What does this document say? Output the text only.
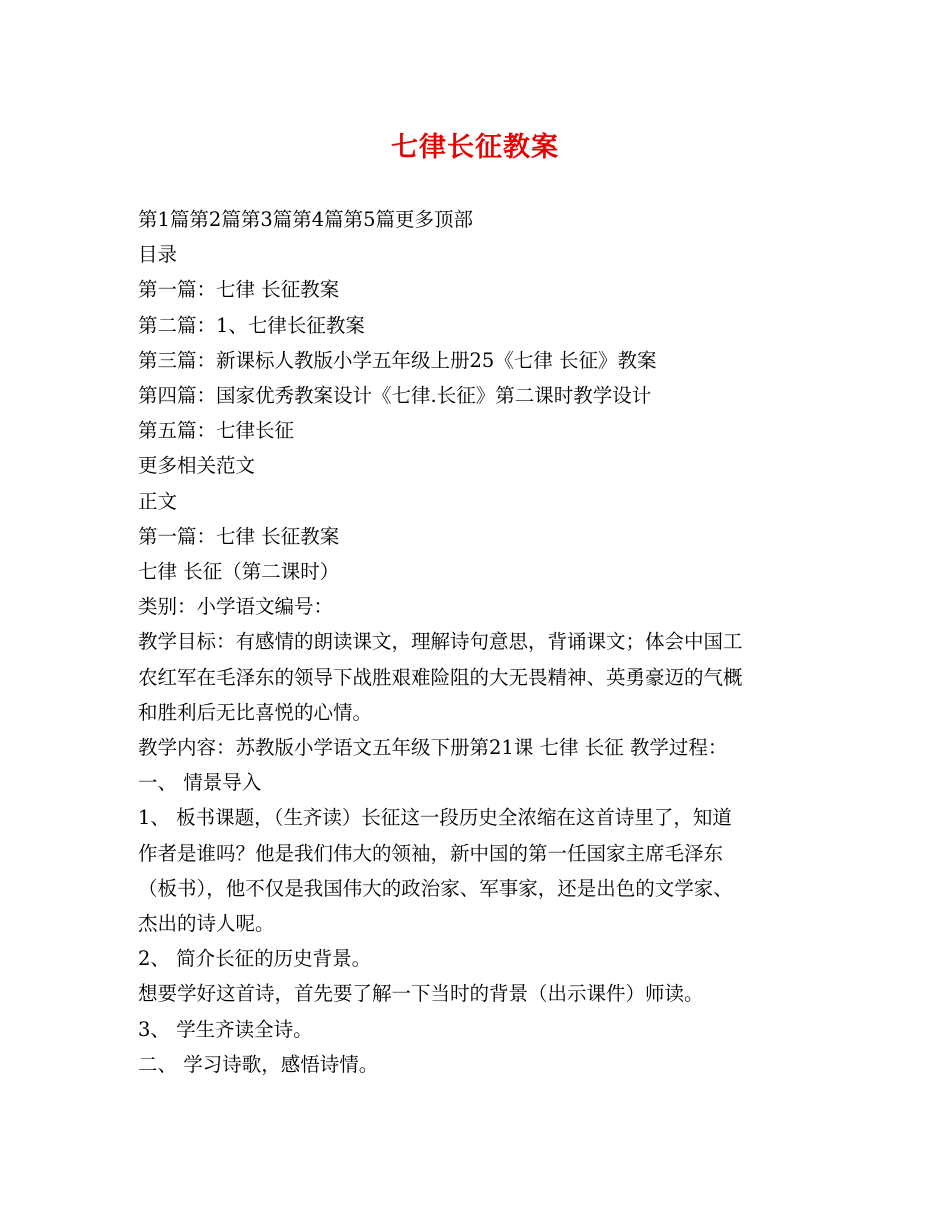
七律长征教案
第1篇第2篇第3篇第4篇第5篇更多顶部
目录
第一篇：七律 长征教案
第二篇：1、七律长征教案
第三篇：新课标人教版小学五年级上册25《七律 长征》教案
第四篇：国家优秀教案设计《七律.长征》第二课时教学设计
第五篇：七律长征
更多相关范文
正文
第一篇：七律 长征教案
七律 长征（第二课时）
类别：小学语文编号：
教学目标：有感情的朗读课文，理解诗句意思，背诵课文；体会中国工
农红军在毛泽东的领导下战胜艰难险阻的大无畏精神、英勇豪迈的气概
和胜利后无比喜悦的心情。
教学内容：苏教版小学语文五年级下册第21课 七律 长征 教学过程：
一、 情景导入
1、 板书课题，（生齐读）长征这一段历史全浓缩在这首诗里了，知道
作者是谁吗？他是我们伟大的领袖，新中国的第一任国家主席毛泽东
（板书），他不仅是我国伟大的政治家、军事家，还是出色的文学家、
杰出的诗人呢。
2、 简介长征的历史背景。
想要学好这首诗，首先要了解一下当时的背景（出示课件）师读。
3、 学生齐读全诗。
二、 学习诗歌，感悟诗情。
